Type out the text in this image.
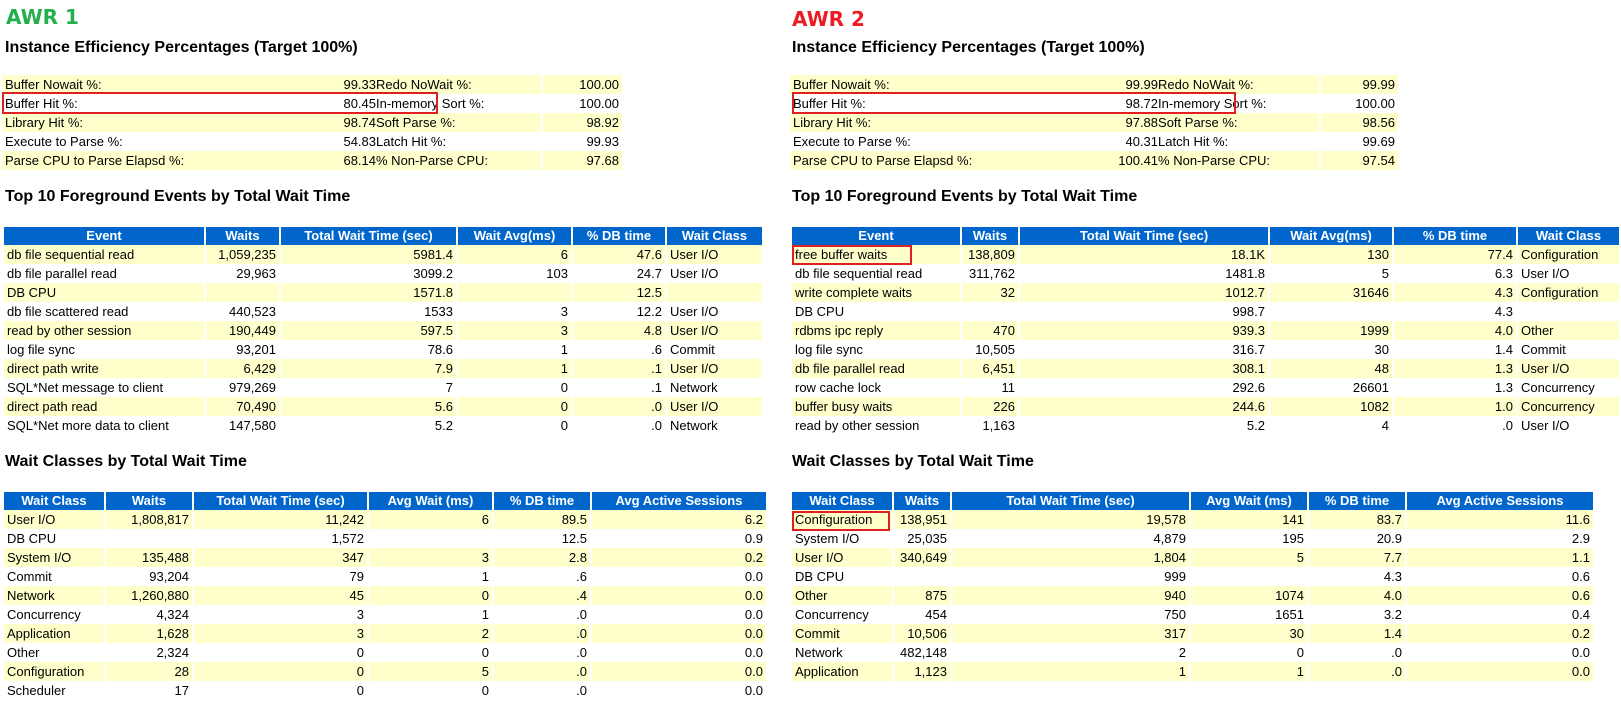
AWR 1
Instance Efficiency Percentages (Target 100%)
Buffer Nowait %:	99.33	Redo NoWait %:	100.00
Buffer Hit %:	80.45	In-memory Sort %:	100.00
Library Hit %:	98.74	Soft Parse %:	98.92
Execute to Parse %:	54.83	Latch Hit %:	99.93
Parse CPU to Parse Elapsd %:	68.14	% Non-Parse CPU:	97.68
Top 10 Foreground Events by Total Wait Time
Event	Waits	Total Wait Time (sec)	Wait Avg(ms)	% DB time	Wait Class
db file sequential read	1,059,235	5981.4	6	47.6	User I/O
db file parallel read	29,963	3099.2	103	24.7	User I/O
DB CPU		1571.8		12.5	
db file scattered read	440,523	1533	3	12.2	User I/O
read by other session	190,449	597.5	3	4.8	User I/O
log file sync	93,201	78.6	1	.6	Commit
direct path write	6,429	7.9	1	.1	User I/O
SQL*Net message to client	979,269	7	0	.1	Network
direct path read	70,490	5.6	0	.0	User I/O
SQL*Net more data to client	147,580	5.2	0	.0	Network
Wait Classes by Total Wait Time
Wait Class	Waits	Total Wait Time (sec)	Avg Wait (ms)	% DB time	Avg Active Sessions
User I/O	1,808,817	11,242	6	89.5	6.2
DB CPU		1,572		12.5	0.9
System I/O	135,488	347	3	2.8	0.2
Commit	93,204	79	1	.6	0.0
Network	1,260,880	45	0	.4	0.0
Concurrency	4,324	3	1	.0	0.0
Application	1,628	3	2	.0	0.0
Other	2,324	0	0	.0	0.0
Configuration	28	0	5	.0	0.0
Scheduler	17	0	0	.0	0.0
AWR 2
Instance Efficiency Percentages (Target 100%)
Buffer Nowait %:	99.99	Redo NoWait %:	99.99
Buffer Hit %:	98.72	In-memory Sort %:	100.00
Library Hit %:	97.88	Soft Parse %:	98.56
Execute to Parse %:	40.31	Latch Hit %:	99.69
Parse CPU to Parse Elapsd %:	100.41	% Non-Parse CPU:	97.54
Top 10 Foreground Events by Total Wait Time
Event	Waits	Total Wait Time (sec)	Wait Avg(ms)	% DB time	Wait Class
free buffer waits	138,809	18.1K	130	77.4	Configuration
db file sequential read	311,762	1481.8	5	6.3	User I/O
write complete waits	32	1012.7	31646	4.3	Configuration
DB CPU		998.7		4.3	
rdbms ipc reply	470	939.3	1999	4.0	Other
log file sync	10,505	316.7	30	1.4	Commit
db file parallel read	6,451	308.1	48	1.3	User I/O
row cache lock	11	292.6	26601	1.3	Concurrency
buffer busy waits	226	244.6	1082	1.0	Concurrency
read by other session	1,163	5.2	4	.0	User I/O
Wait Classes by Total Wait Time
Wait Class	Waits	Total Wait Time (sec)	Avg Wait (ms)	% DB time	Avg Active Sessions
Configuration	138,951	19,578	141	83.7	11.6
System I/O	25,035	4,879	195	20.9	2.9
User I/O	340,649	1,804	5	7.7	1.1
DB CPU		999		4.3	0.6
Other	875	940	1074	4.0	0.6
Concurrency	454	750	1651	3.2	0.4
Commit	10,506	317	30	1.4	0.2
Network	482,148	2	0	.0	0.0
Application	1,123	1	1	.0	0.0
